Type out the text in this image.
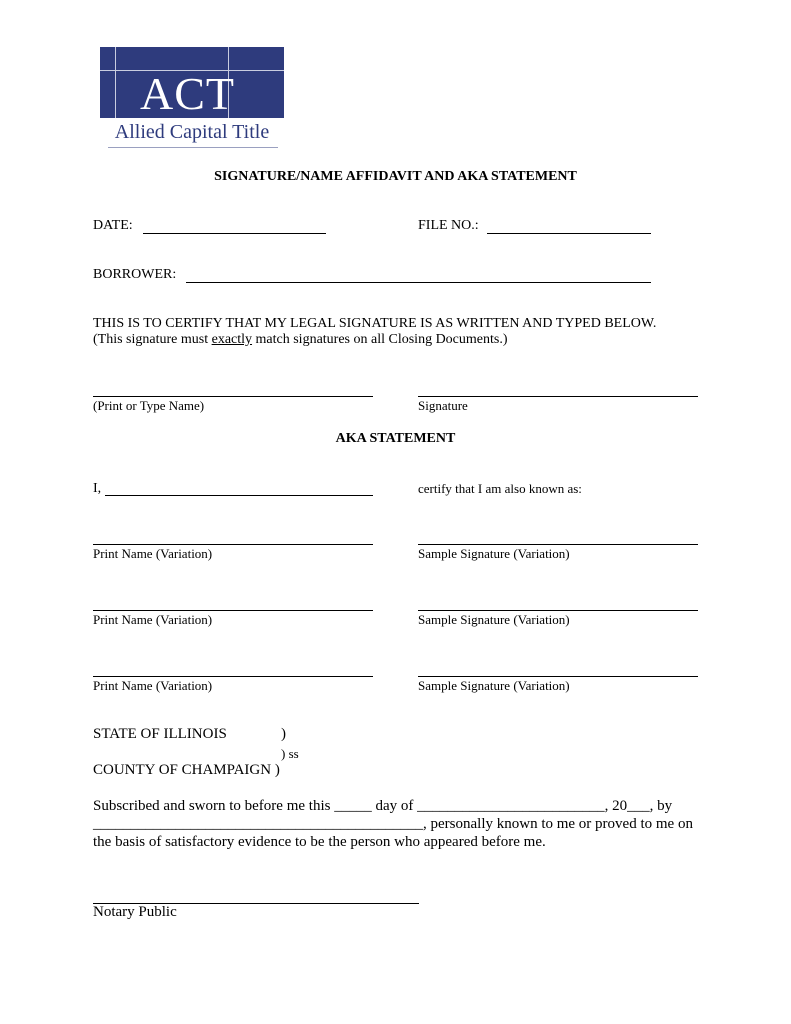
ACT
Allied Capital Title
SIGNATURE/NAME AFFIDAVIT AND AKA STATEMENT
DATE:	FILE NO.:
BORROWER:
THIS IS TO CERTIFY THAT MY LEGAL SIGNATURE IS AS WRITTEN AND TYPED BELOW.
(This signature must exactly match signatures on all Closing Documents.)
(Print or Type Name)	Signature
AKA STATEMENT
I,	certify that I am also known as:
Print Name (Variation)	Sample Signature (Variation)
Print Name (Variation)	Sample Signature (Variation)
Print Name (Variation)	Sample Signature (Variation)
STATE OF ILLINOIS	)
) ss
COUNTY OF CHAMPAIGN )
Subscribed and sworn to before me this _____ day of _________________________, 20___, by
____________________________________________, personally known to me or proved to me on
the basis of satisfactory evidence to be the person who appeared before me.
Notary Public
